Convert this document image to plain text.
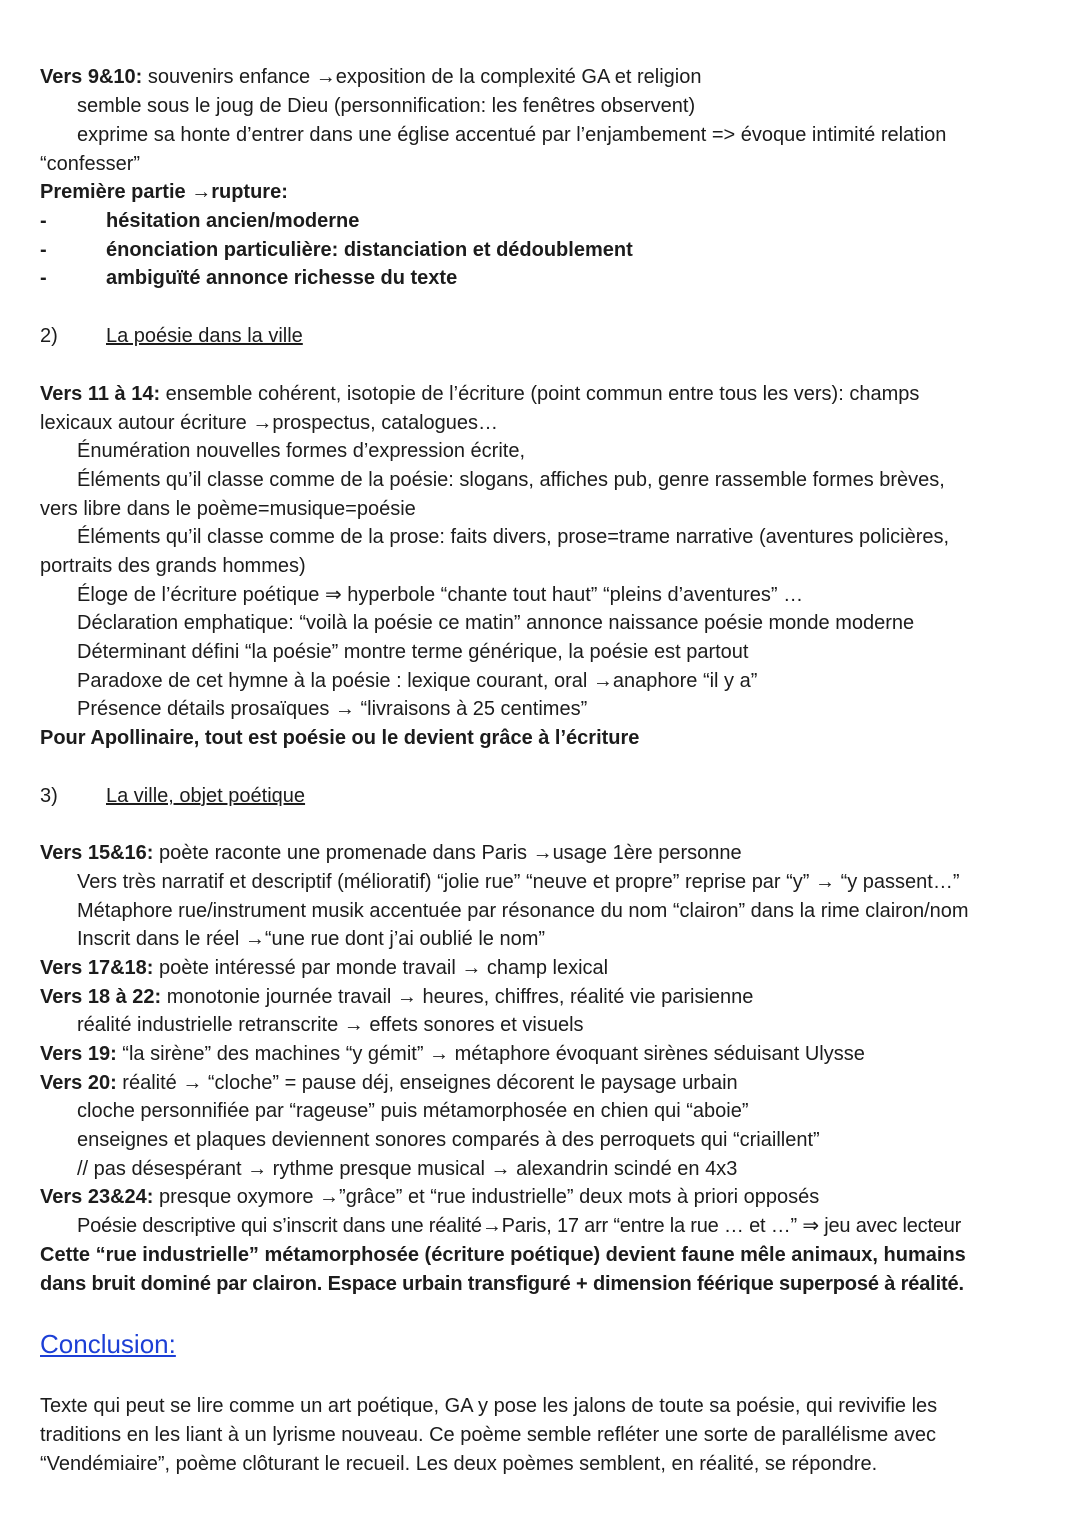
Vers 9&10: souvenirs enfance →exposition de la complexité GA et religion
semble sous le joug de Dieu (personnification: les fenêtres observent)
exprime sa honte d’entrer dans une église accentué par l’enjambement => évoque intimité relation
“confesser”
Première partie →rupture:
-	hésitation ancien/moderne
-	énonciation particulière: distanciation et dédoublement
-	ambiguïté annonce richesse du texte
2) La poésie dans la ville
Vers 11 à 14: ensemble cohérent, isotopie de l’écriture (point commun entre tous les vers): champs
lexicaux autour écriture →prospectus, catalogues…
Énumération nouvelles formes d’expression écrite,
Éléments qu’il classe comme de la poésie: slogans, affiches pub, genre rassemble formes brèves,
vers libre dans le poème=musique=poésie
Éléments qu’il classe comme de la prose: faits divers, prose=trame narrative (aventures policières,
portraits des grands hommes)
Éloge de l’écriture poétique ⇒ hyperbole “chante tout haut” “pleins d’aventures” …
Déclaration emphatique: “voilà la poésie ce matin” annonce naissance poésie monde moderne
Déterminant défini “la poésie” montre terme générique, la poésie est partout
Paradoxe de cet hymne à la poésie : lexique courant, oral →anaphore “il y a”
Présence détails prosaïques → “livraisons à 25 centimes”
Pour Apollinaire, tout est poésie ou le devient grâce à l’écriture
3) La ville, objet poétique
Vers 15&16: poète raconte une promenade dans Paris →usage 1ère personne
Vers très narratif et descriptif (mélioratif) “jolie rue” “neuve et propre” reprise par “y” → “y passent…”
Métaphore rue/instrument musik accentuée par résonance du nom “clairon” dans la rime clairon/nom
Inscrit dans le réel →“une rue dont j’ai oublié le nom”
Vers 17&18: poète intéressé par monde travail → champ lexical
Vers 18 à 22: monotonie journée travail → heures, chiffres, réalité vie parisienne
réalité industrielle retranscrite → effets sonores et visuels
Vers 19: “la sirène” des machines “y gémit” → métaphore évoquant sirènes séduisant Ulysse
Vers 20: réalité → “cloche” = pause déj, enseignes décorent le paysage urbain
cloche personnifiée par “rageuse” puis métamorphosée en chien qui “aboie”
enseignes et plaques deviennent sonores comparés à des perroquets qui “criaillent”
// pas désespérant → rythme presque musical → alexandrin scindé en 4x3
Vers 23&24: presque oxymore →”grâce” et “rue industrielle” deux mots à priori opposés
Poésie descriptive qui s’inscrit dans une réalité→Paris, 17 arr “entre la rue … et …” ⇒ jeu avec lecteur
Cette “rue industrielle” métamorphosée (écriture poétique) devient faune mêle animaux, humains
dans bruit dominé par clairon. Espace urbain transfiguré + dimension féérique superposé à réalité.
Conclusion:
Texte qui peut se lire comme un art poétique, GA y pose les jalons de toute sa poésie, qui revivifie les
traditions en les liant à un lyrisme nouveau. Ce poème semble refléter une sorte de parallélisme avec
“Vendémiaire”, poème clôturant le recueil. Les deux poèmes semblent, en réalité, se répondre.
